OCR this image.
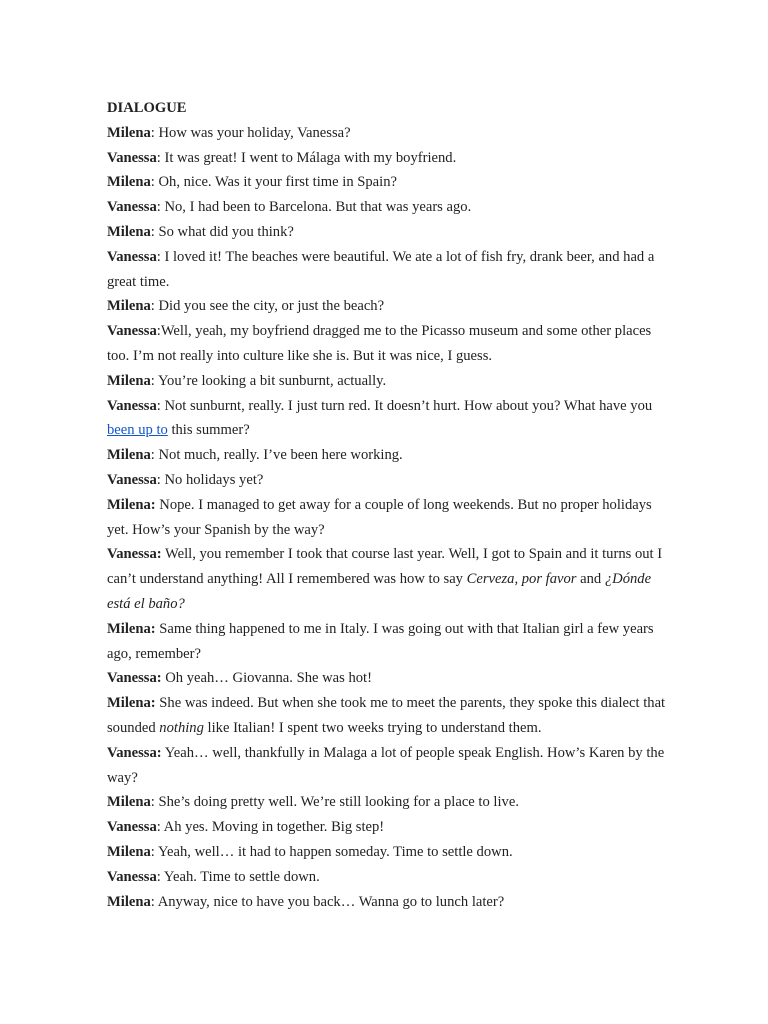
DIALOGUE
Milena: How was your holiday, Vanessa?
Vanessa: It was great! I went to Málaga with my boyfriend.
Milena: Oh, nice. Was it your first time in Spain?
Vanessa: No, I had been to Barcelona. But that was years ago.
Milena: So what did you think?
Vanessa: I loved it! The beaches were beautiful. We ate a lot of fish fry, drank beer, and had a great time.
Milena: Did you see the city, or just the beach?
Vanessa:Well, yeah, my boyfriend dragged me to the Picasso museum and some other places too. I’m not really into culture like she is. But it was nice, I guess.
Milena: You’re looking a bit sunburnt, actually.
Vanessa: Not sunburnt, really. I just turn red. It doesn’t hurt. How about you? What have you been up to this summer?
Milena: Not much, really. I’ve been here working.
Vanessa: No holidays yet?
Milena: Nope. I managed to get away for a couple of long weekends. But no proper holidays yet. How’s your Spanish by the way?
Vanessa: Well, you remember I took that course last year. Well, I got to Spain and it turns out I can’t understand anything! All I remembered was how to say Cerveza, por favor and ¿Dónde está el baño?
Milena: Same thing happened to me in Italy. I was going out with that Italian girl a few years ago, remember?
Vanessa: Oh yeah… Giovanna. She was hot!
Milena: She was indeed. But when she took me to meet the parents, they spoke this dialect that sounded nothing like Italian! I spent two weeks trying to understand them.
Vanessa: Yeah… well, thankfully in Malaga a lot of people speak English. How’s Karen by the way?
Milena: She’s doing pretty well. We’re still looking for a place to live.
Vanessa: Ah yes. Moving in together. Big step!
Milena: Yeah, well… it had to happen someday. Time to settle down.
Vanessa: Yeah. Time to settle down.
Milena: Anyway, nice to have you back… Wanna go to lunch later?
